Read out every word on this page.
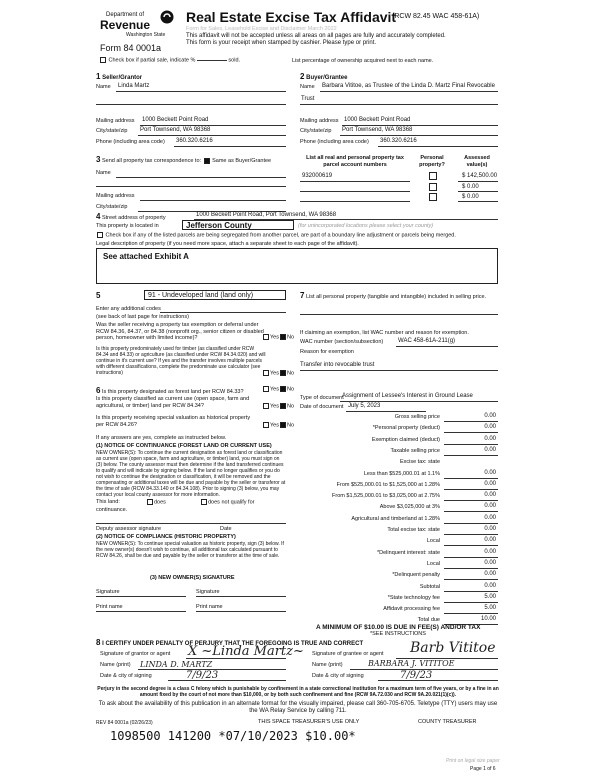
Department of
Revenue
Washington State
Form 84 0001a
Real Estate Excise Tax Affidavit
(RCW 82.45 WAC 458-61A)
Form for Sales, Leasehold Excise and Disclaimer March 2022
This affidavit will not be accepted unless all areas on all pages are fully and accurately completed.
This form is your receipt when stamped by cashier. Please type or print.
Check box if partial sale, indicate %	sold.	List percentage of ownership acquired next to each name.
1 Seller/Grantor
Name Linda Martz
Mailing address 1000 Beckett Point Road
City/state/zip Port Townsend, WA 98368
Phone (including area code) 360.320.6216
2 Buyer/Grantee
Name Barbara Vititoe, as Trustee of the Linda D. Martz Final Revocable
Trust
Mailing address 1000 Beckett Point Road
City/state/zip Port Townsend, WA 98368
Phone (including area code) 360.320.6216
3 Send all property tax correspondence to: Same as Buyer/Grantee
Name
Mailing address
City/state/zip
List all real and personal property tax parcel account numbers
Personal property?
Assessed value(s)
932000619	$ 142,500.00
$ 0.00
$ 0.00
4 Street address of property	1000 Beckett Point Road, Port Townsend, WA 98368
This property is located in	Jefferson County	(for unincorporated locations please select your county)
Check box if any of the listed parcels are being segregated from another parcel, are part of a boundary line adjustment or parcels being merged.
Legal description of property (if you need more space, attach a separate sheet to each page of the affidavit).
See attached Exhibit A
5	91 - Undeveloped land (land only)
Enter any additional codes
(see back of last page for instructions)
Was the seller receiving a property tax exemption or deferral under RCW 84.36, 84.37, or 84.38 (nonprofit org., senior citizen or disabled person, homeowner with limited income)?	Yes No
Is this property predominately used for timber (as classified under RCW 84.34 and 84.33) or agriculture (as classified under RCW 84.34.020) and will continue in it's current use? If yes and the transfer involves multiple parcels with different classifications, complete the predominate use calculator (see instructions)	Yes No
6 Is this property designated as forest land per RCW 84.33?	Yes No
Is this property classified as current use (open space, farm and agricultural, or timber) land per RCW 84.34?	Yes No
Is this property receiving special valuation as historical property per RCW 84.26?	Yes No
If any answers are yes, complete as instructed below.
(1) NOTICE OF CONTINUANCE (FOREST LAND OR CURRENT USE)
NEW OWNER(S): To continue the current designation as forest land or classification as current use (open space, farm and agriculture, or timber) land, you must sign on (3) below. The county assessor must then determine if the land transferred continues to qualify and will indicate by signing below. If the land no longer qualifies or you do not wish to continue the designation or classification, it will be removed and the compensating or additional taxes will be due and payable by the seller or transferor at the time of sale (RCW 84.33.140 or 84.34.108). Prior to signing (3) below, you may contact your local county assessor for more information.
This land:	does	does not qualify for
continuance.
Deputy assessor signature	Date
(2) NOTICE OF COMPLIANCE (HISTORIC PROPERTY)
NEW OWNER(S): To continue special valuation as historic property, sign (3) below. If the new owner(s) doesn't wish to continue, all additional tax calculated pursuant to RCW 84.26, shall be due and payable by the seller or transferor at the time of sale.
(3) NEW OWNER(S) SIGNATURE
Signature	Signature
Print name	Print name
7 List all personal property (tangible and intangible) included in selling price.
If claiming an exemption, list WAC number and reason for exemption.
WAC number (section/subsection) WAC 458-61A-211(g)
Reason for exemption
Transfer into revocable trust
Type of document
Assignment of Lessee's Interest in Ground Lease
Date of document July 5, 2023
Gross selling price	0.00
*Personal property (deduct)	0.00
Exemption claimed (deduct)	0.00
Taxable selling price	0.00
Excise tax: state
Less than $525,000.01 at 1.1%	0.00
From $525,000.01 to $1,525,000 at 1.28%	0.00
From $1,525,000.01 to $3,025,000 at 2.75%	0.00
Above $3,025,000 at 3%	0.00
Agricultural and timberland at 1.28%	0.00
Total excise tax: state	0.00
Local	0.00
*Delinquent interest: state	0.00
Local	0.00
*Delinquent penalty	0.00
Subtotal	0.00
*State technology fee	5.00
Affidavit processing fee	5.00
Total due	10.00
A MINIMUM OF $10.00 IS DUE IN FEE(S) AND/OR TAX
*SEE INSTRUCTIONS
8 I CERTIFY UNDER PENALTY OF PERJURY THAT THE FOREGOING IS TRUE AND CORRECT
Signature of grantor or agent X ~Linda Martz~
Name (print) LINDA D. MARTZ
Date & city of signing	7/9/23
Signature of grantee or agent Barb Vititoe
Name (print)	BARBARA J. VITITOE
Date & city of signing	7/9/23
Perjury in the second degree is a class C felony which is punishable by confinement in a state correctional institution for a maximum term of five years, or by a fine in an amount fixed by the court of not more than $10,000, or by both such confinement and fine (RCW 9A.72.030 and RCW 9A.20.021(1)(c)).
To ask about the availability of this publication in an alternate format for the visually impaired, please call 360-705-6705. Teletype (TTY) users may use the WA Relay Service by calling 711.
REV 84 0001a (02/26/23)	THIS SPACE TREASURER'S USE ONLY	COUNTY TREASURER
1098500 141200 *07/10/2023 $10.00*
Print on legal size paper
Page 1 of 6
